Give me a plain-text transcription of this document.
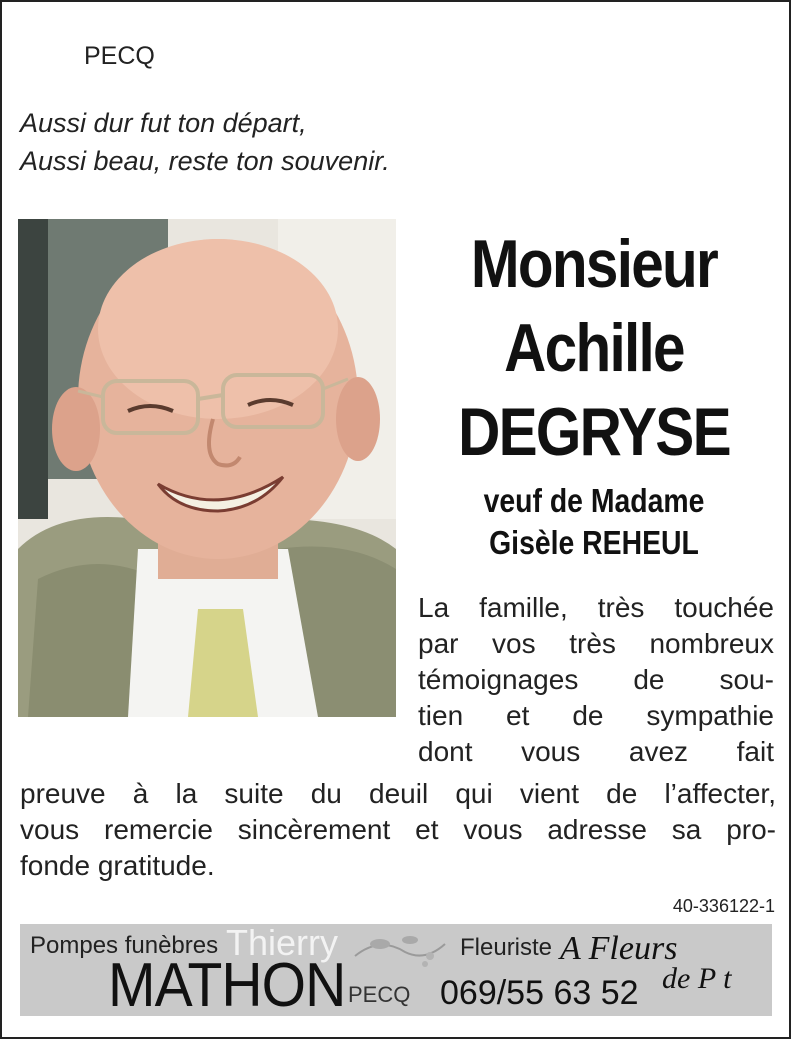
PECQ
Aussi dur fut ton départ,
Aussi beau, reste ton souvenir.
Monsieur
Achille
DEGRYSE
veuf de Madame
Gisèle REHEUL
La famille, très touchée
par vos très nombreux
témoignages de sou-
tien et de sympathie
dont vous avez fait
preuve à la suite du deuil qui vient de l’affecter,
vous remercie sincèrement et vous adresse sa pro-
fonde gratitude.
40-336122-1
Thierry
Pompes funèbres
MATHON PECQ 069/55 63 52
Fleuriste A Fleurs
de P t
